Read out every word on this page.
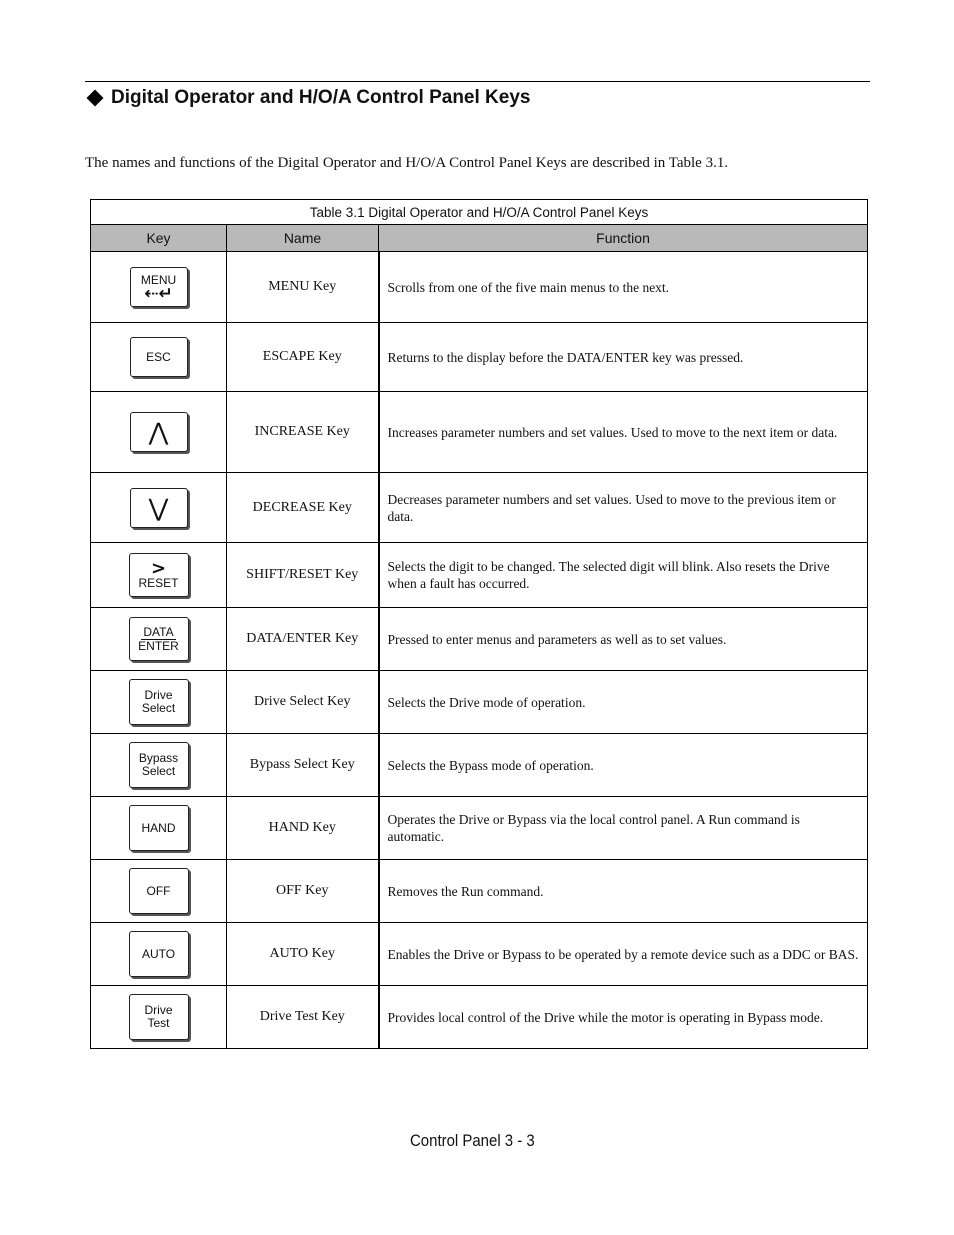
Digital Operator and H/O/A Control Panel Keys
The names and functions of the Digital Operator and H/O/A Control Panel Keys are described in Table 3.1.
Table 3.1 Digital Operator and H/O/A Control Panel Keys		
Key	Name	Function

MENU
⇠↵	MENU Key	Scrolls from one of the five main menus to the next.

ESC	ESCAPE Key	Returns to the display before the DATA/ENTER key was pressed.

⋀	INCREASE Key	Increases parameter numbers and set values. Used to move to the next item or data.

⋁	DECREASE Key	Decreases parameter numbers and set values. Used to move to the previous item or data.

>
RESET	SHIFT/RESET Key	Selects the digit to be changed. The selected digit will blink. Also resets the Drive when a fault has occurred.

DATA
ENTER	DATA/ENTER Key	Pressed to enter menus and parameters as well as to set values.

Drive
Select	Drive Select Key	Selects the Drive mode of operation.

Bypass
Select	Bypass Select Key	Selects the Bypass mode of operation.

HAND	HAND Key	Operates the Drive or Bypass via the local control panel. A Run command is automatic.

OFF	OFF Key	Removes the Run command.

AUTO	AUTO Key	Enables the Drive or Bypass to be operated by a remote device such as a DDC or BAS.

Drive
Test	Drive Test Key	Provides local control of the Drive while the motor is operating in Bypass mode.
Control Panel 3 - 3
